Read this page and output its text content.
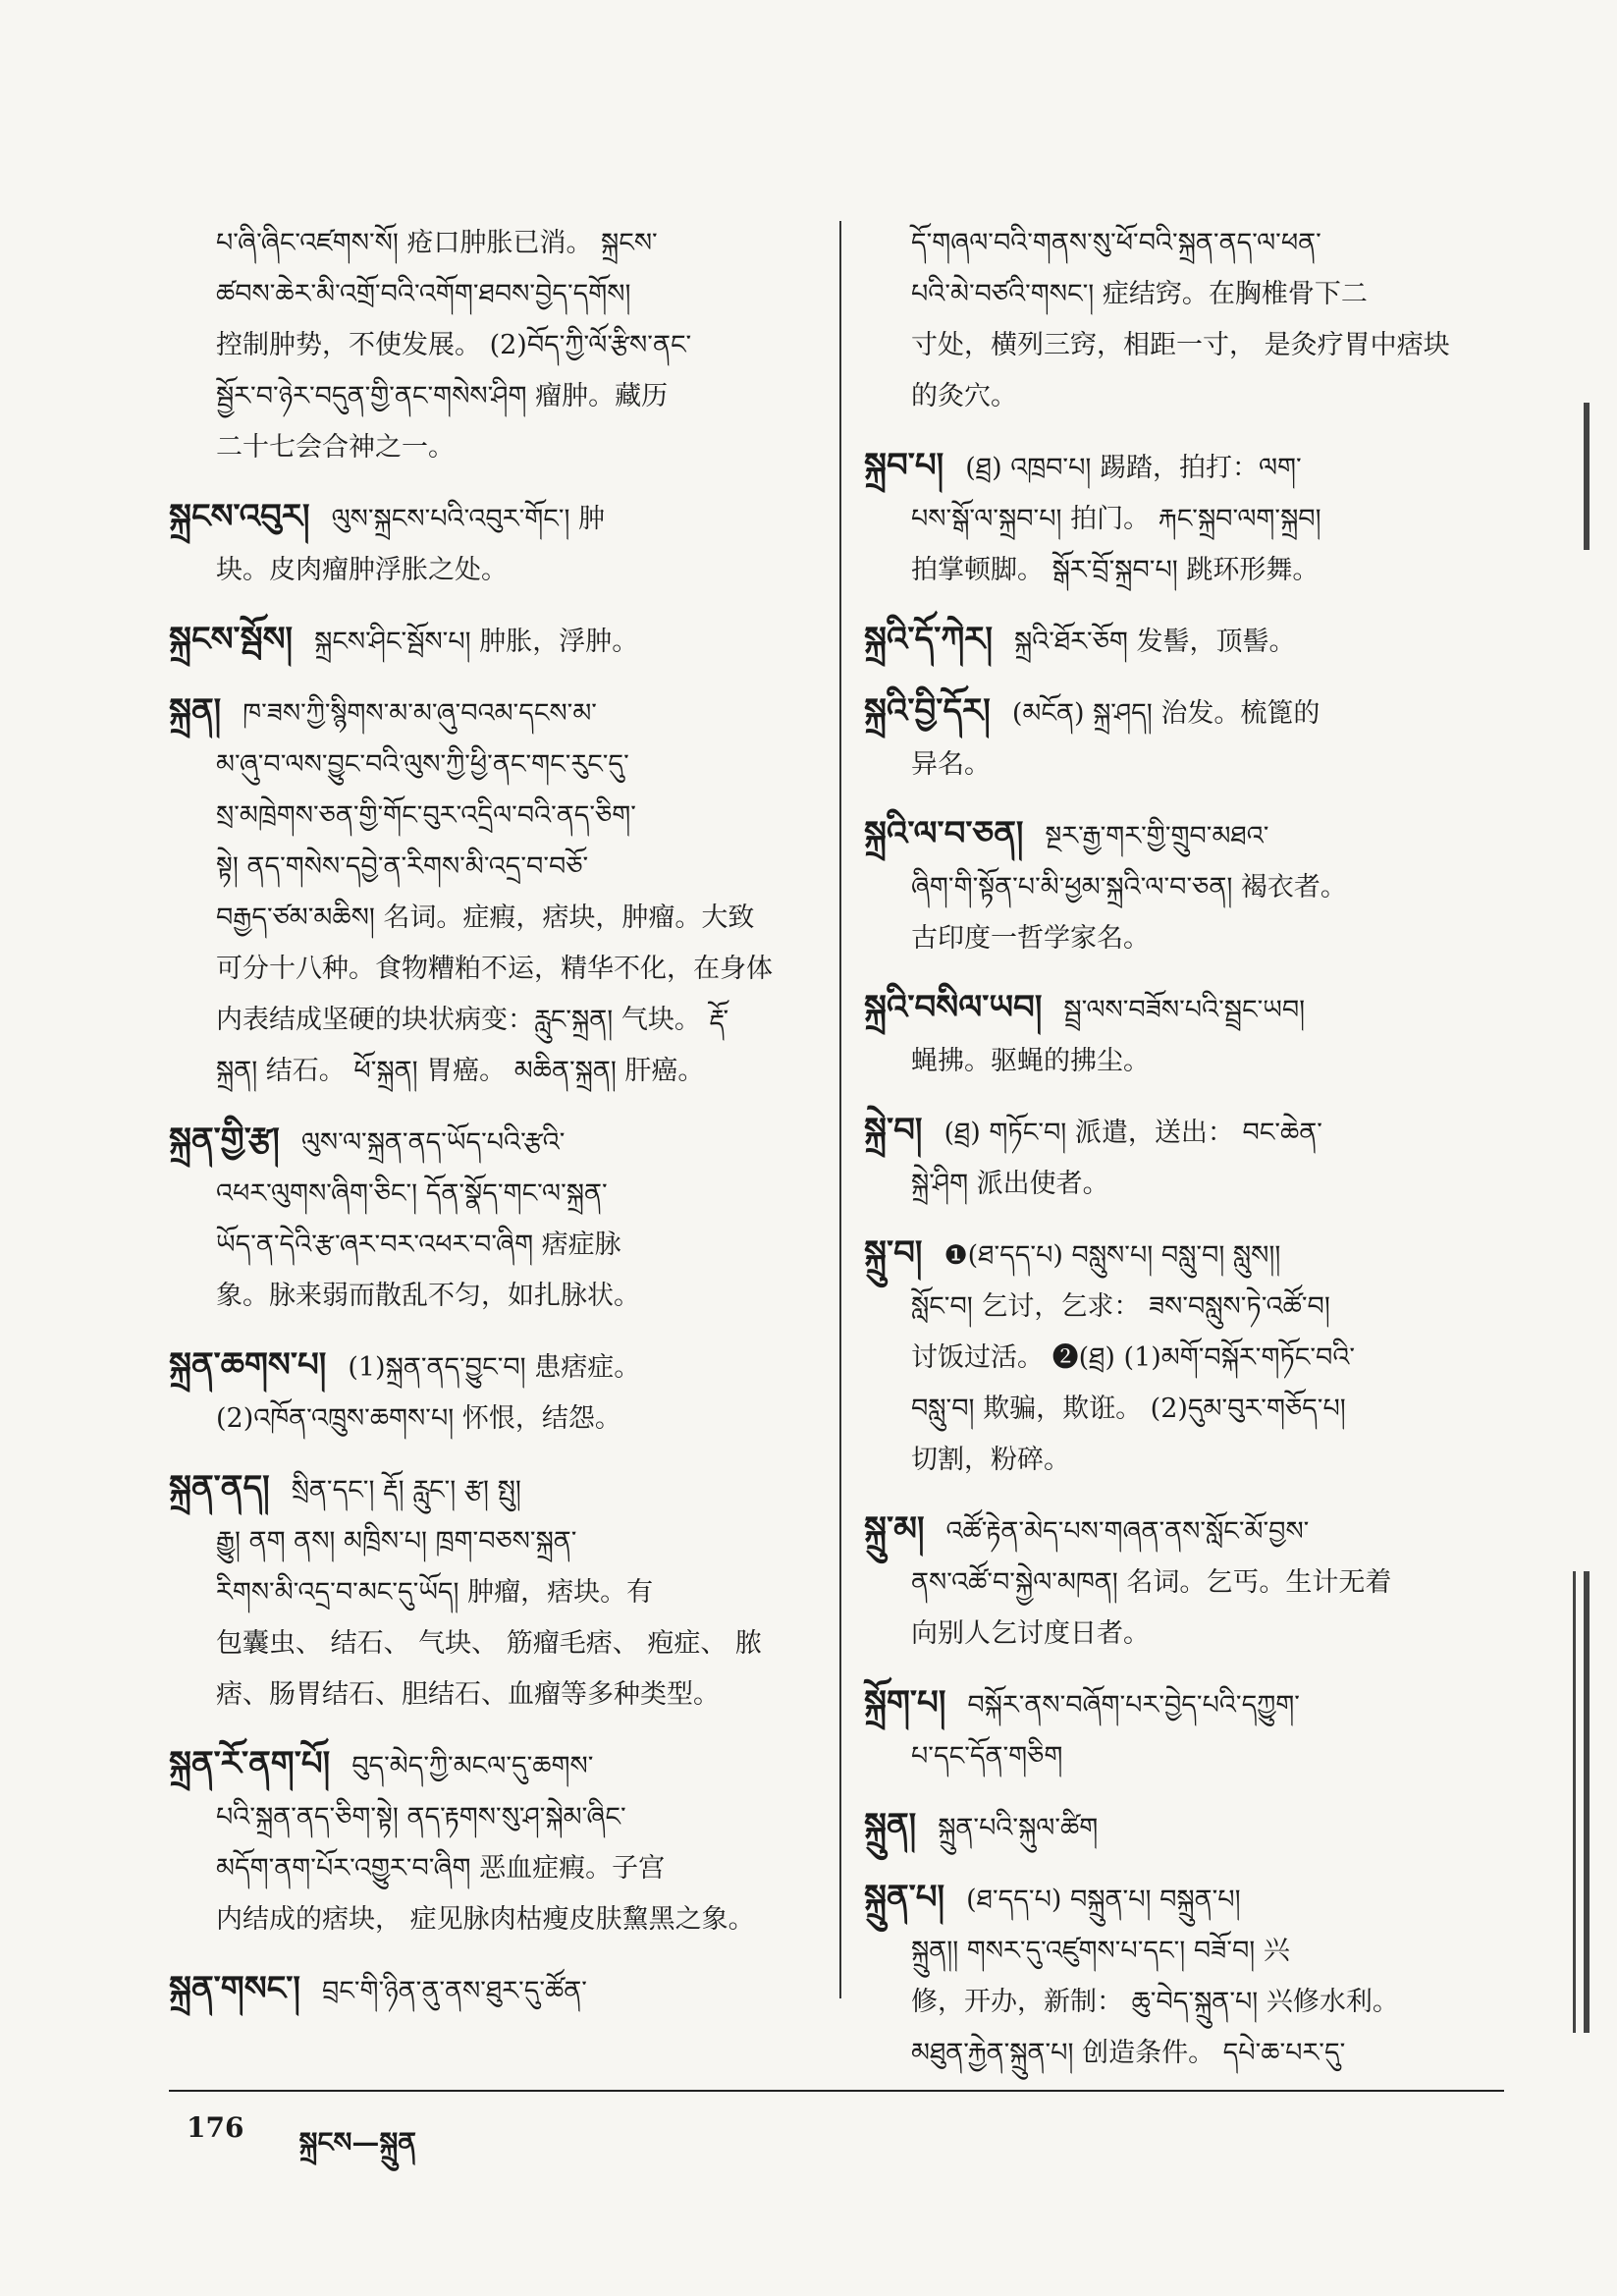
པ་ཞི་ཞིང་འཛགས་སོ། 疮口肿胀已消。 སྐྲངས་
ཚབས་ཆེར་མི་འགྲོ་བའི་འགོག་ཐབས་བྱེད་དགོས།
控制肿势，不使发展。 (2)བོད་ཀྱི་ལོ་རྩིས་ནང་
སྦྱོར་བ་ཉེར་བདུན་གྱི་ནང་གསེས་ཤིག 瘤肿。藏历
二十七会合神之一。
སྐྲངས་འབུར། ལུས་སྐྲངས་པའི་འབུར་གོང་། 肿
块。皮肉瘤肿浮胀之处。
སྐྲངས་སྦོས། སྐྲངས་ཤིང་སྦོས་པ། 肿胀，浮肿。
སྐྲན། ཁ་ཟས་ཀྱི་སྙིགས་མ་མ་ཞུ་བའམ་དངས་མ་
མ་ཞུ་བ་ལས་བྱུང་བའི་ལུས་ཀྱི་ཕྱི་ནང་གང་རུང་དུ་
སྲ་མཁྲེགས་ཅན་གྱི་གོང་བུར་འདྲིལ་བའི་ནད་ཅིག་
སྟེ། ནད་གསེས་དབྱེ་ན་རིགས་མི་འདྲ་བ་བཅོ་
བརྒྱད་ཙམ་མཆིས། 名词。症瘕，痞块，肿瘤。大致
可分十八种。食物糟粕不运，精华不化，在身体
内表结成坚硬的块状病变：རླུང་སྐྲན། 气块。 རྡོ་
སྐྲན། 结石。 ཕོ་སྐྲན། 胃癌。 མཆིན་སྐྲན། 肝癌。
སྐྲན་གྱི་རྩ། ལུས་ལ་སྐྲན་ནད་ཡོད་པའི་རྩའི་
འཕར་ལུགས་ཞིག་ཅིང་། དོན་སྣོད་གང་ལ་སྐྲན་
ཡོད་ན་དེའི་རྩ་ཞར་བར་འཕར་བ་ཞིག 痞症脉
象。脉来弱而散乱不匀，如扎脉状。
སྐྲན་ཆགས་པ། (1)སྐྲན་ནད་བྱུང་བ། 患痞症。
(2)འཁོན་འཁྲུས་ཆགས་པ། 怀恨，结怨。
སྐྲན་ནད། སྲིན་དང་། རྡོ། རླུང་། རྩ། སྤུ།
རྒྱུ། ནག ནས། མཁྲིས་པ། ཁྲག་བཅས་སྐྲན་
རིགས་མི་འདྲ་བ་མང་དུ་ཡོད། 肿瘤，痞块。有
包囊虫、 结石、 气块、 筋瘤毛痞、 疱症、 脓
痞、肠胃结石、胆结石、血瘤等多种类型。
སྐྲན་རོ་ནག་པོ། བུད་མེད་ཀྱི་མངལ་དུ་ཆགས་
པའི་སྐྲན་ནད་ཅིག་སྟེ། ནད་རྟགས་སུ་ཤ་སྐེམ་ཞིང་
མདོག་ནག་པོར་འགྱུར་བ་ཞིག 恶血症瘕。子宫
内结成的痞块， 症见脉肉枯瘦皮肤黧黑之象。
སྐྲན་གསང་། བྲང་གི་ཉིན་ནུ་ནས་ཐུར་དུ་ཚོན་
དོ་གཞལ་བའི་གནས་སུ་ཕོ་བའི་སྐྲན་ནད་ལ་ཕན་
པའི་མེ་བཙའི་གསང་། 症结窍。在胸椎骨下二
寸处，横列三窍，相距一寸， 是灸疗胃中痞块
的灸穴。
སྐྲབ་པ། (ཐྲ) འཁྲབ་པ། 踢踏，拍打：ལག་
པས་སྒོ་ལ་སྐྲབ་པ། 拍门。 རྐང་སྐྲབ་ལག་སྐྲབ།
拍掌顿脚。 སྒོར་བྲོ་སྐྲབ་པ། 跳环形舞。
སྐྲའི་དོ་ཀེར། སྐྲའི་ཐོར་ཅོག 发髻，顶髻。
སྐྲའི་བྱི་དོར། (མངོན) སྐྲ་ཤད། 治发。梳篦的
异名。
སྐྲའི་ལ་བ་ཅན། སྔར་རྒྱ་གར་གྱི་གྲུབ་མཐའ་
ཞིག་གི་སྟོན་པ་མི་ཕྱམ་སྐྲའི་ལ་བ་ཅན། 褐衣者。
古印度一哲学家名。
སྐྲའི་བསིལ་ཡབ། སྦྲ་ལས་བཟོས་པའི་སྦྲང་ཡབ།
蝇拂。驱蝇的拂尘。
སྐྲེ་བ། (ཐྲ) གཏོང་བ། 派遣，送出： བང་ཆེན་
སྐྲེ་ཤིག 派出使者。
སྐྲུ་བ། ❶(ཐ་དད་པ) བསླུས་པ། བསླུ་བ། སླུས།།
སློང་བ། 乞讨，乞求： ཟས་བསླུས་ཏེ་འཚོ་བ།
讨饭过活。 ❷(ཐྲ) (1)མགོ་བསྐོར་གཏོང་བའི་
བསླུ་བ། 欺骗，欺诳。 (2)དུམ་བུར་གཅོད་པ།
切割，粉碎。
སྐྲུ་མ། འཚོ་རྟེན་མེད་པས་གཞན་ནས་སློང་མོ་བྱས་
ནས་འཚོ་བ་སྐྱེལ་མཁན། 名词。乞丐。生计无着
向别人乞讨度日者。
སྐྲོག་པ། བསྐོར་ནས་བཞོག་པར་བྱེད་པའི་དཀྱུག་
པ་དང་དོན་གཅིག
སྐྲུན། སྐྲུན་པའི་སྐུལ་ཚིག
སྐྲུན་པ། (ཐ་དད་པ) བསྐྲུན་པ། བསྐྲུན་པ།
སྐྲུན།། གསར་དུ་འཛུགས་པ་དང་། བཟོ་བ། 兴
修，开办，新制： ཆུ་བེད་སྐྲུན་པ། 兴修水利。
མཐུན་རྐྱེན་སྐྲུན་པ། 创造条件。 དཔེ་ཆ་པར་དུ་
176 སྐྲངས—སྐྲུན
